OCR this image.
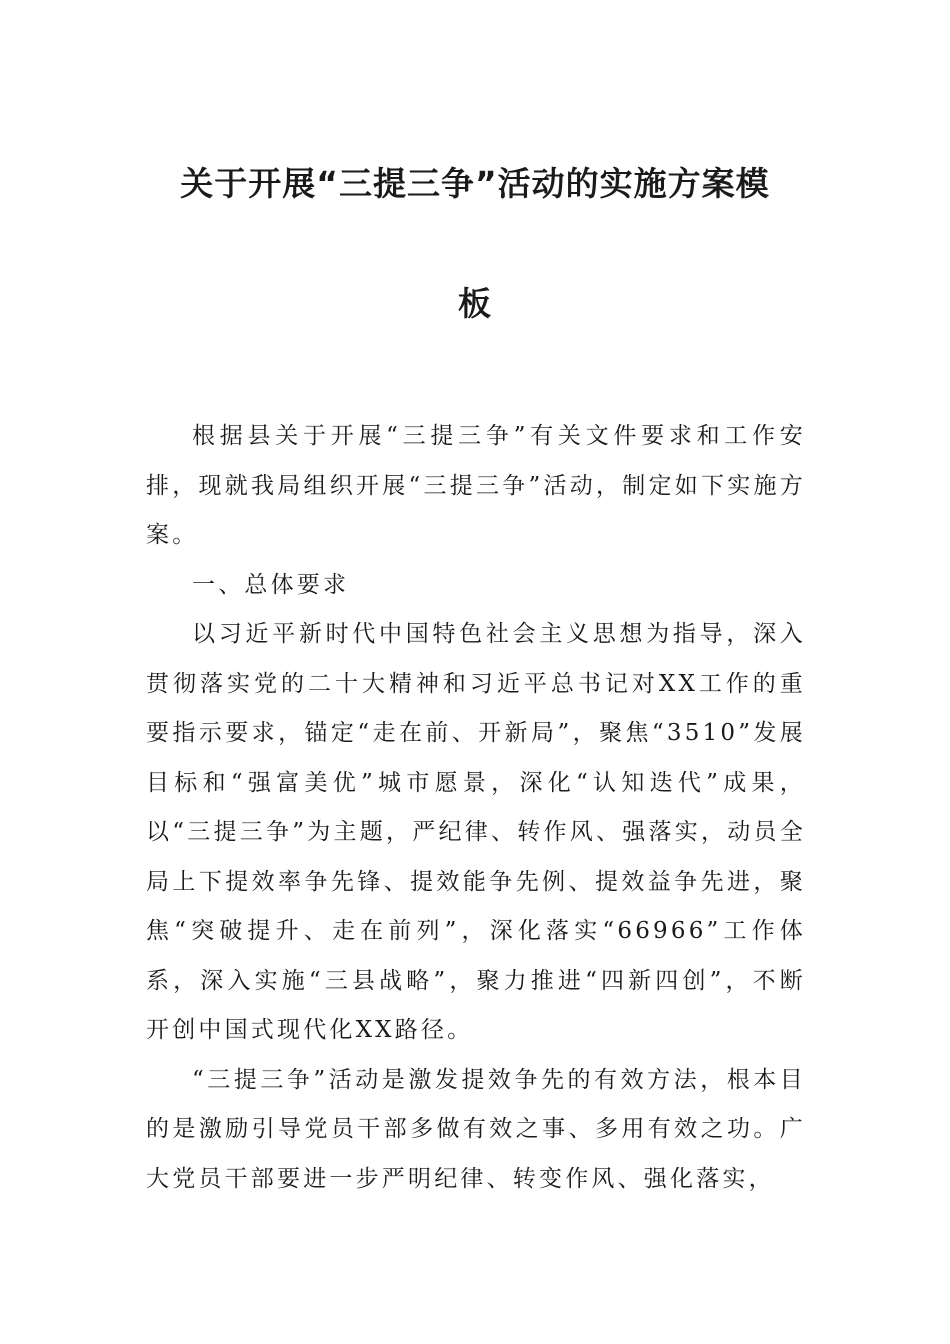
关于开展“三提三争”活动的实施方案模
板

根据县关于开展“三提三争”有关文件要求和工作安排，现就我局组织开展“三提三争”活动，制定如下实施方案。

一、总体要求

以习近平新时代中国特色社会主义思想为指导，深入贯彻落实党的二十大精神和习近平总书记对XX工作的重要指示要求，锚定“走在前、开新局”，聚焦“3510”发展目标和“强富美优”城市愿景，深化“认知迭代”成果，以“三提三争”为主题，严纪律、转作风、强落实，动员全局上下提效率争先锋、提效能争先例、提效益争先进，聚焦“突破提升、走在前列”，深化落实“66966”工作体系，深入实施“三县战略”，聚力推进“四新四创”，不断开创中国式现代化XX路径。

“三提三争”活动是激发提效争先的有效方法，根本目的是激励引导党员干部多做有效之事、多用有效之功。广大党员干部要进一步严明纪律、转变作风、强化落实，
